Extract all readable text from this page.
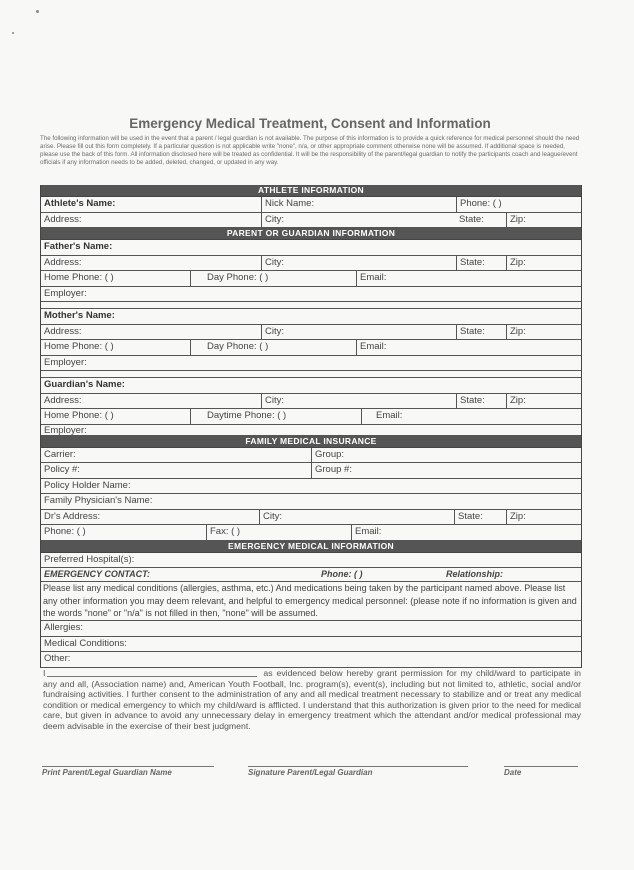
Emergency Medical Treatment, Consent and Information
The following information will be used in the event that a parent / legal guardian is not available. The purpose of this information is to provide a quick reference for medical personnel should the need arise. Please fill out this form completely. If a particular question is not applicable write "none", n/a, or other appropriate comment otherwise none will be assumed. If additional space is needed, please use the back of this form. All information disclosed here will be treated as confidential. It will be the responsibility of the parent/legal guardian to notify the participants coach and league/event officials if any information needs to be added, deleted, changed, or updated in any way.
ATHLETE INFORMATION
Athlete's Name:	Nick Name:	Phone: ( )
Address:	City:	State:	Zip:
PARENT OR GUARDIAN INFORMATION
Father's Name:
Address:	City:	State:	Zip:
Home Phone: ( )	Day Phone: ( )	Email:
Employer:
Mother's Name:
Address:	City:	State:	Zip:
Home Phone: ( )	Day Phone: ( )	Email:
Employer:
Guardian's Name:
Address:	City:	State:	Zip:
Home Phone: ( )	Daytime Phone: ( )	Email:
Employer:
FAMILY MEDICAL INSURANCE
Carrier:	Group:
Policy #:	Group #:
Policy Holder Name:
Family Physician's Name:
Dr's Address:	City:	State:	Zip:
Phone: ( )	Fax: ( )	Email:
EMERGENCY MEDICAL INFORMATION
Preferred Hospital(s):
EMERGENCY CONTACT:	Phone: ( )	Relationship:
Please list any medical conditions (allergies, asthma, etc.) And medications being taken by the participant named above. Please list any other information you may deem relevant, and helpful to emergency medical personnel: (please note if no information is given and the words "none" or "n/a" is not filled in then, "none" will be assumed.
Allergies:
Medical Conditions:
Other:
I	as evidenced below hereby grant permission for my child/ward to participate in any and all, (Association name) and, American Youth Football, Inc. program(s), event(s), including but not limited to, athletic, social and/or fundraising activities. I further consent to the administration of any and all medical treatment necessary to stabilize and or treat any medical condition or medical emergency to which my child/ward is afflicted. I understand that this authorization is given prior to the need for medical care, but given in advance to avoid any unnecessary delay in emergency treatment which the attendant and/or medical professional may deem advisable in the exercise of their best judgment.
Print Parent/Legal Guardian Name	Signature Parent/Legal Guardian	Date
